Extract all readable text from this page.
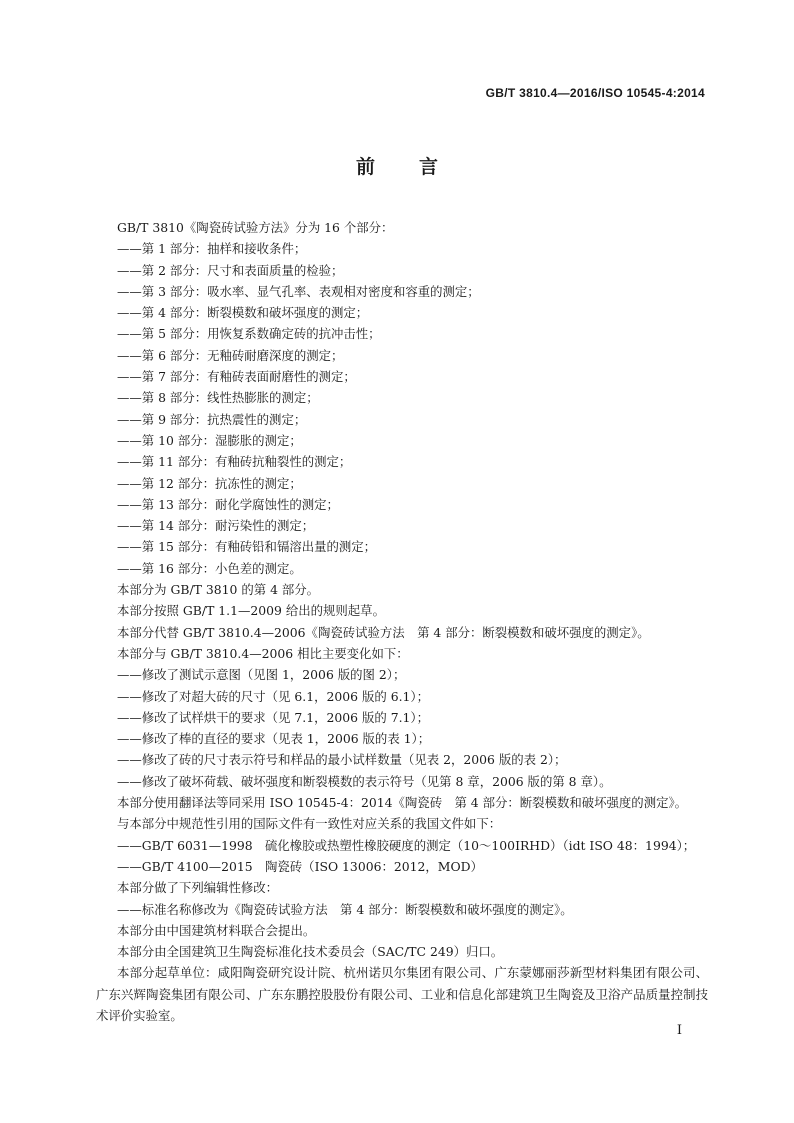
GB/T 3810.4—2016/ISO 10545-4:2014
前言
GB/T 3810《陶瓷砖试验方法》分为 16 个部分：
——第 1 部分：抽样和接收条件；
——第 2 部分：尺寸和表面质量的检验；
——第 3 部分：吸水率、显气孔率、表观相对密度和容重的测定；
——第 4 部分：断裂模数和破坏强度的测定；
——第 5 部分：用恢复系数确定砖的抗冲击性；
——第 6 部分：无釉砖耐磨深度的测定；
——第 7 部分：有釉砖表面耐磨性的测定；
——第 8 部分：线性热膨胀的测定；
——第 9 部分：抗热震性的测定；
——第 10 部分：湿膨胀的测定；
——第 11 部分：有釉砖抗釉裂性的测定；
——第 12 部分：抗冻性的测定；
——第 13 部分：耐化学腐蚀性的测定；
——第 14 部分：耐污染性的测定；
——第 15 部分：有釉砖铅和镉溶出量的测定；
——第 16 部分：小色差的测定。
本部分为 GB/T 3810 的第 4 部分。
本部分按照 GB/T 1.1—2009 给出的规则起草。
本部分代替 GB/T 3810.4—2006《陶瓷砖试验方法　第 4 部分：断裂模数和破坏强度的测定》。
本部分与 GB/T 3810.4—2006 相比主要变化如下：
——修改了测试示意图（见图 1，2006 版的图 2）；
——修改了对超大砖的尺寸（见 6.1，2006 版的 6.1）；
——修改了试样烘干的要求（见 7.1，2006 版的 7.1）；
——修改了棒的直径的要求（见表 1，2006 版的表 1）；
——修改了砖的尺寸表示符号和样品的最小试样数量（见表 2，2006 版的表 2）；
——修改了破坏荷载、破坏强度和断裂模数的表示符号（见第 8 章，2006 版的第 8 章）。
本部分使用翻译法等同采用 ISO 10545-4：2014《陶瓷砖　第 4 部分：断裂模数和破坏强度的测定》。
与本部分中规范性引用的国际文件有一致性对应关系的我国文件如下：
——GB/T 6031—1998　硫化橡胶或热塑性橡胶硬度的测定（10～100IRHD）（idt ISO 48：1994）；
——GB/T 4100—2015　陶瓷砖（ISO 13006：2012，MOD）
本部分做了下列编辑性修改：
——标准名称修改为《陶瓷砖试验方法　第 4 部分：断裂模数和破坏强度的测定》。
本部分由中国建筑材料联合会提出。
本部分由全国建筑卫生陶瓷标准化技术委员会（SAC/TC 249）归口。
本部分起草单位：咸阳陶瓷研究设计院、杭州诺贝尔集团有限公司、广东蒙娜丽莎新型材料集团有限公司、广东兴辉陶瓷集团有限公司、广东东鹏控股股份有限公司、工业和信息化部建筑卫生陶瓷及卫浴产品质量控制技术评价实验室。
I
